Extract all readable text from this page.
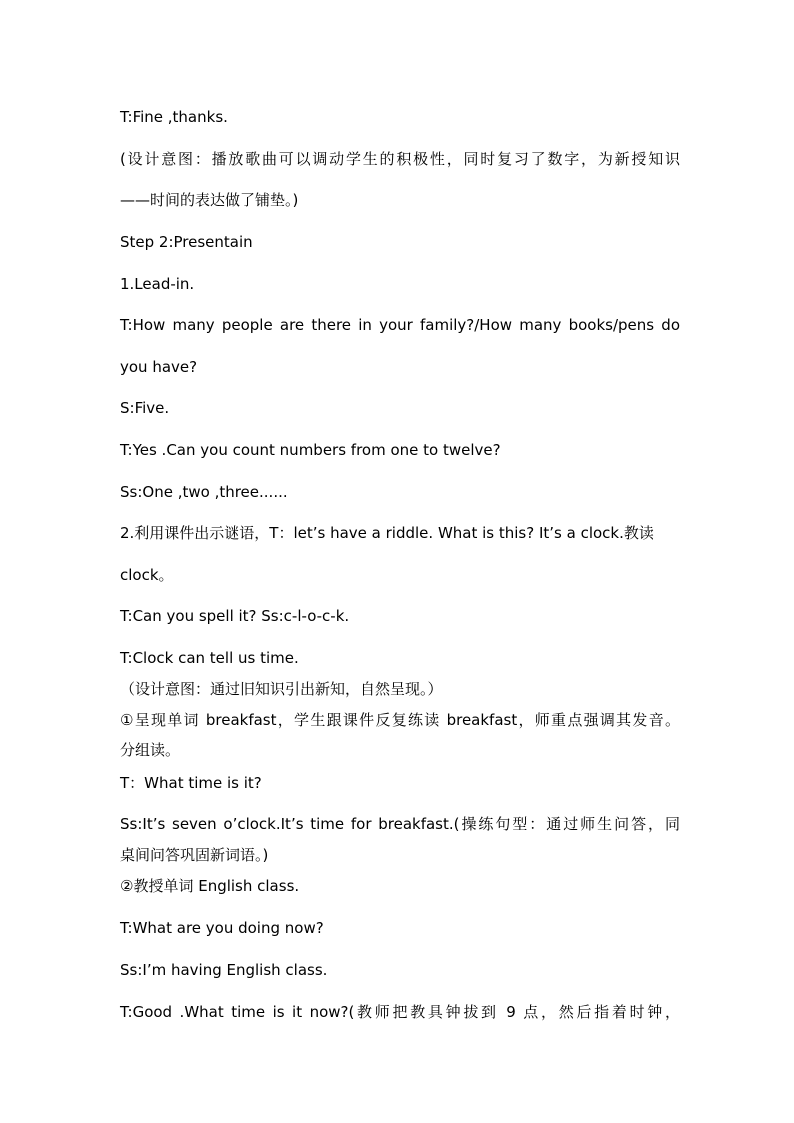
T:Fine ,thanks.
(设计意图：播放歌曲可以调动学生的积极性，同时复习了数字，为新授知识
——时间的表达做了铺垫。)
Step 2:Presentain
1.Lead-in.
T:How many people are there in your family?/How many books/pens do
you have?
S:Five.
T:Yes .Can you count numbers from one to twelve?
Ss:One ,two ,three......
2.利用课件出示谜语，T：let’s have a riddle. What is this? It’s a clock.教读
clock。
T:Can you spell it? Ss:c-l-o-c-k.
T:Clock can tell us time.
（设计意图：通过旧知识引出新知，自然呈现。）
①呈现单词 breakfast，学生跟课件反复练读 breakfast，师重点强调其发音。
分组读。
T：What time is it?
Ss:It’s seven o’clock.It’s time for breakfast.(操练句型：通过师生问答，同
桌间问答巩固新词语。)
②教授单词 English class.
T:What are you doing now?
Ss:I’m having English class.
T:Good .What time is it now?(教师把教具钟拔到 9 点，然后指着时钟，
